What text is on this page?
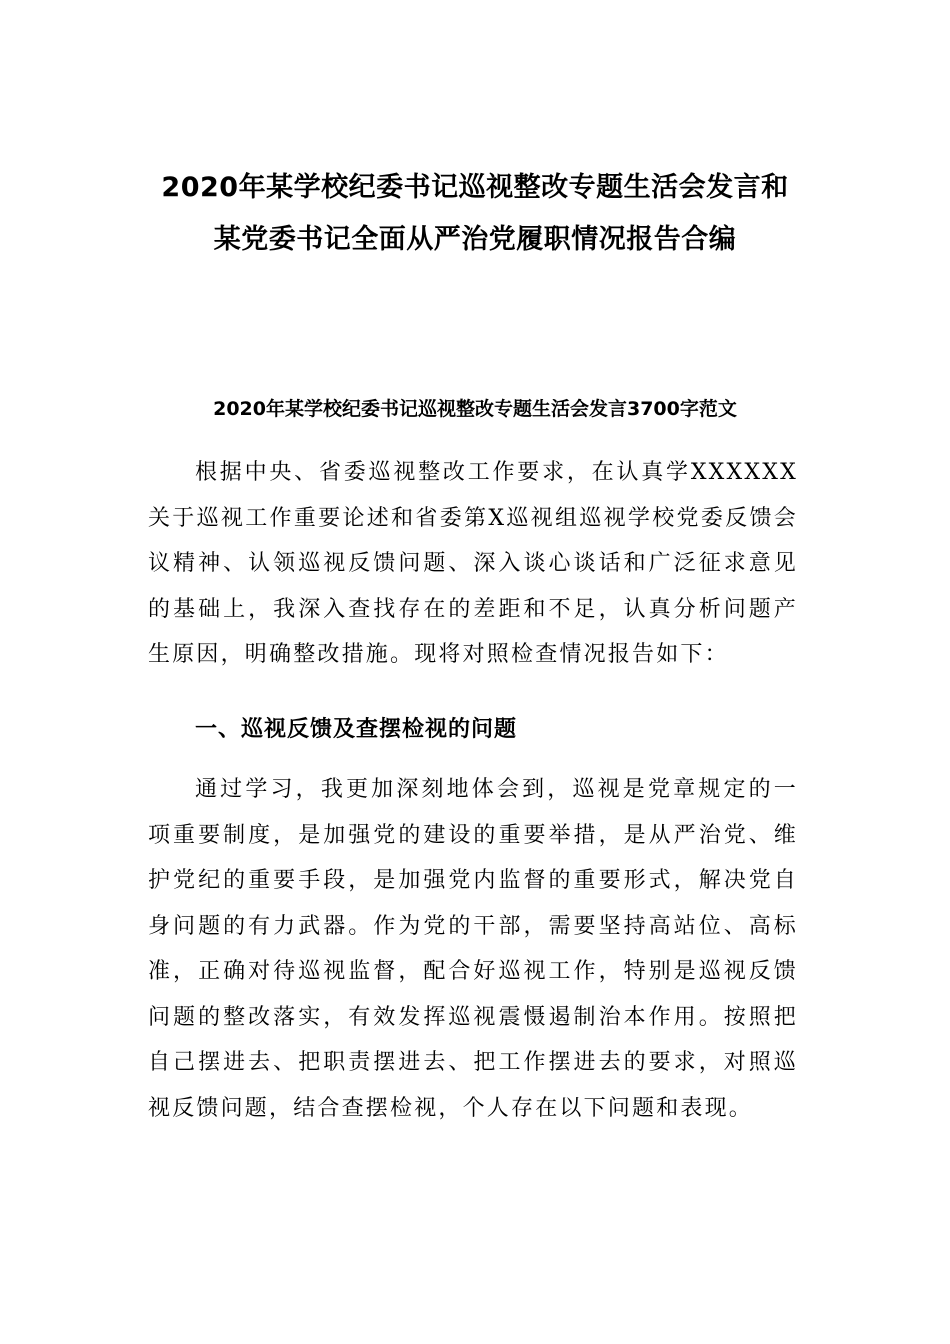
2020年某学校纪委书记巡视整改专题生活会发言和
某党委书记全面从严治党履职情况报告合编
2020年某学校纪委书记巡视整改专题生活会发言3700字范文

根据中央、省委巡视整改工作要求，在认真学XXXXXX关于巡视工作重要论述和省委第X巡视组巡视学校党委反馈会议精神、认领巡视反馈问题、深入谈心谈话和广泛征求意见的基础上，我深入查找存在的差距和不足，认真分析问题产生原因，明确整改措施。现将对照检查情况报告如下：

一、巡视反馈及查摆检视的问题

通过学习，我更加深刻地体会到，巡视是党章规定的一项重要制度，是加强党的建设的重要举措，是从严治党、维护党纪的重要手段，是加强党内监督的重要形式，解决党自身问题的有力武器。作为党的干部，需要坚持高站位、高标准，正确对待巡视监督，配合好巡视工作，特别是巡视反馈问题的整改落实，有效发挥巡视震慑遏制治本作用。按照把自己摆进去、把职责摆进去、把工作摆进去的要求，对照巡视反馈问题，结合查摆检视，个人存在以下问题和表现。
